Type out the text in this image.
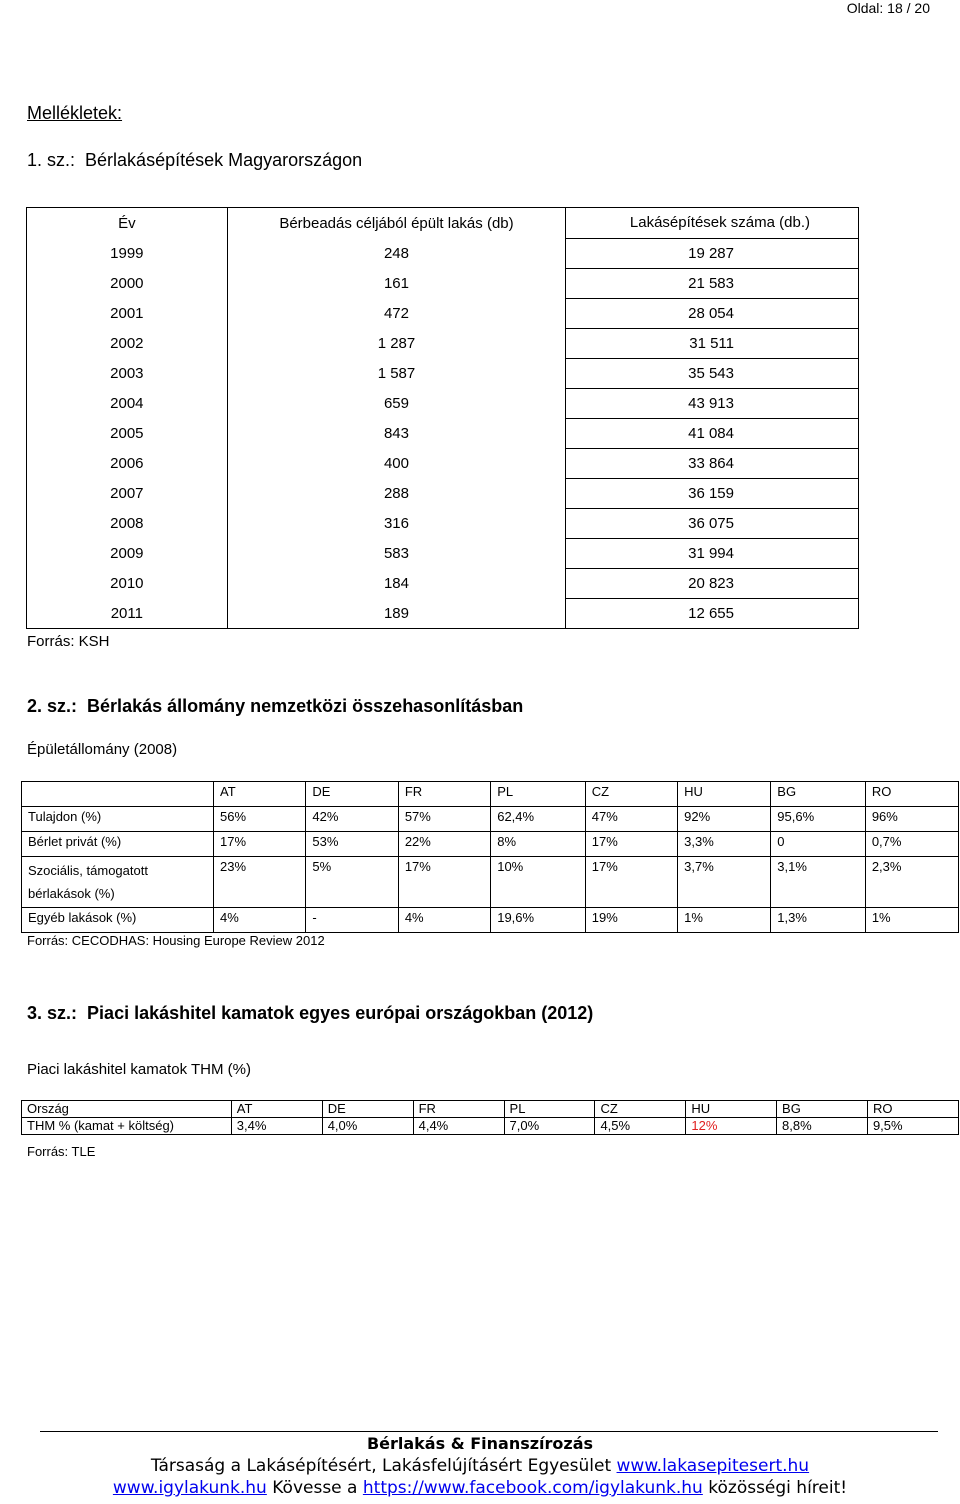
Oldal: 18 / 20
Mellékletek:
1. sz.: Bérlakásépítések Magyarországon
Év	Bérbeadás céljából épült lakás (db)	Lakásépítések száma (db.)
1999	248	19 287
2000	161	21 583
2001	472	28 054
2002	1 287	31 511
2003	1 587	35 543
2004	659	43 913
2005	843	41 084
2006	400	33 864
2007	288	36 159
2008	316	36 075
2009	583	31 994
2010	184	20 823
2011	189	12 655
Forrás: KSH
2. sz.: Bérlakás állomány nemzetközi összehasonlításban
Épületállomány (2008)
	AT	DE	FR	PL	CZ	HU	BG	RO
Tulajdon (%)	56%	42%	57%	62,4%	47%	92%	95,6%	96%
Bérlet privát (%)	17%	53%	22%	8%	17%	3,3%	0	0,7%

Szociális, támogatott bérlakások (%)	23%	5%	17%	10%	17%	3,7%	3,1%	2,3%
Egyéb lakások (%)	4%	-	4%	19,6%	19%	1%	1,3%	1%
Forrás: CECODHAS: Housing Europe Review 2012
3. sz.: Piaci lakáshitel kamatok egyes európai országokban (2012)
Piaci lakáshitel kamatok THM (%)
Ország	AT	DE	FR	PL	CZ	HU	BG	RO
THM % (kamat + költség)	3,4%	4,0%	4,4%	7,0%	4,5%	12%	8,8%	9,5%
Forrás: TLE
Bérlakás & Finanszírozás
Társaság a Lakásépítésért, Lakásfelújításért Egyesület www.lakasepitesert.hu
www.igylakunk.hu Kövesse a https://www.facebook.com/igylakunk.hu közösségi híreit!
